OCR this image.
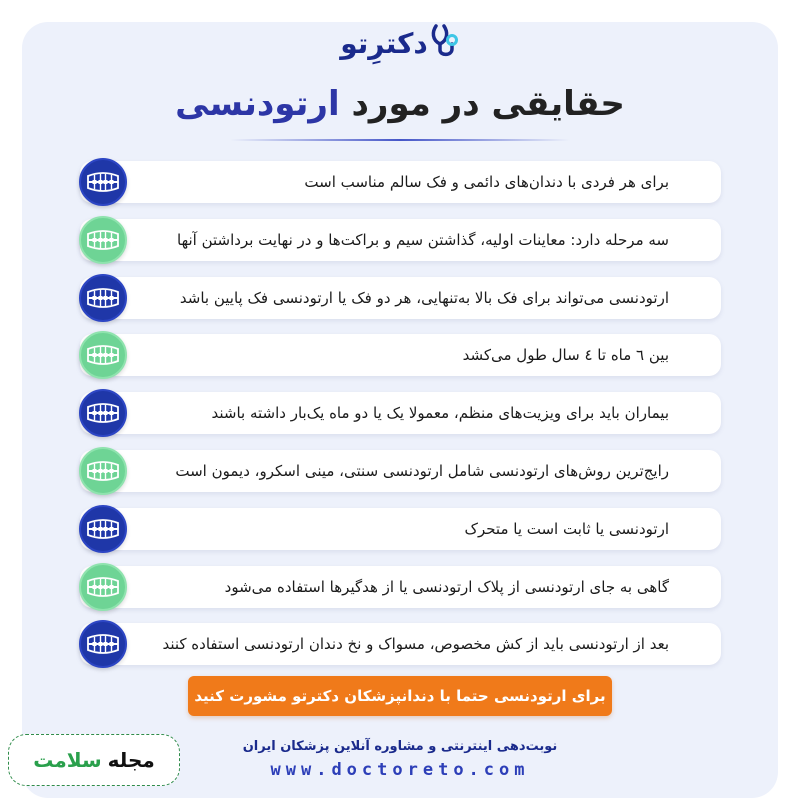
دکترِتو
حقایقی در مورد ارتودنسی
برای هر فردی با دندان‌های دائمی و فک سالم مناسب است
سه مرحله دارد: معاینات اولیه، گذاشتن سیم و براکت‌ها و در نهایت برداشتن آنها
ارتودنسی می‌تواند برای فک بالا به‌تنهایی، هر دو فک یا ارتودنسی فک پایین باشد
بین ٦ ماه تا ٤ سال طول می‌کشد
بیماران باید برای ویزیت‌های منظم، معمولا یک یا دو ماه یک‌بار داشته باشند
رایج‌ترین روش‌های ارتودنسی شامل ارتودنسی سنتی، مینی اسکرو، دیمون است
ارتودنسی یا ثابت است یا متحرک
گاهی به جای ارتودنسی از پلاک ارتودنسی یا از هدگیرها استفاده می‌شود
بعد از ارتودنسی باید از کش مخصوص، مسواک و نخ دندان ارتودنسی استفاده کنند
برای ارتودنسی حتما با دندانپزشکان دکترتو مشورت کنید
نوبت‌دهی اینترنتی و مشاوره آنلاین پزشکان ایران
www.doctoreto.com
مجله
سلامت
